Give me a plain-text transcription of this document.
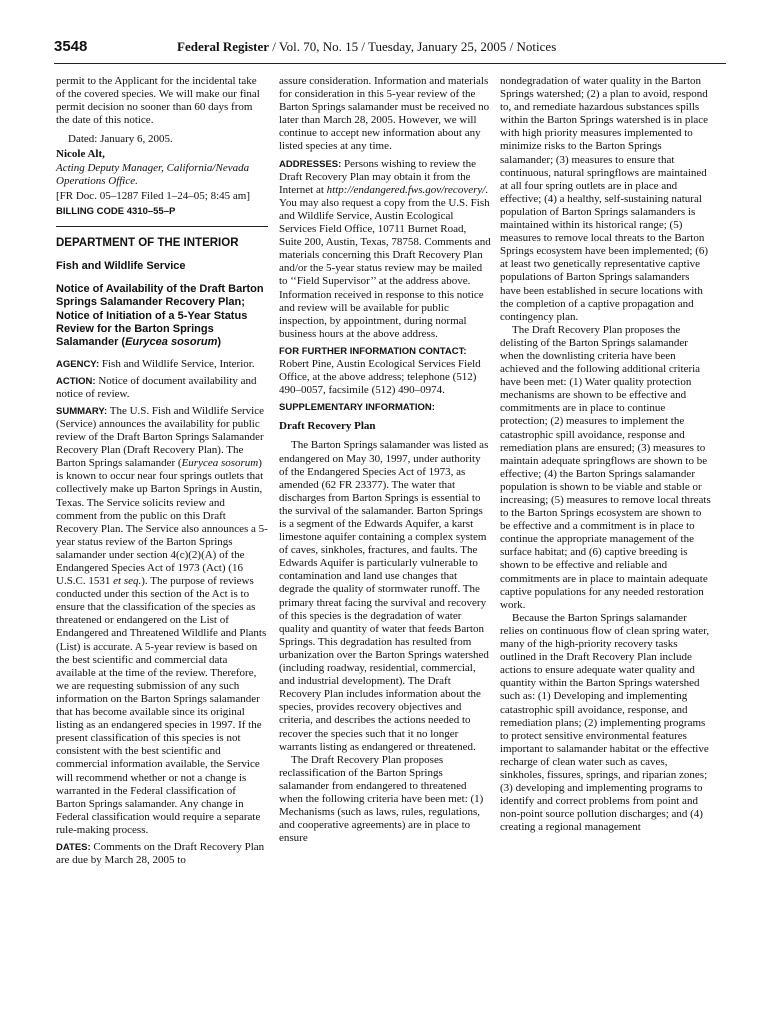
3548	Federal Register / Vol. 70, No. 15 / Tuesday, January 25, 2005 / Notices

permit to the Applicant for the incidental take of the covered species. We will make our final permit decision no sooner than 60 days from the date of this notice.

Dated: January 6, 2005.
Nicole Alt,
Acting Deputy Manager, California/Nevada Operations Office.
[FR Doc. 05–1287 Filed 1–24–05; 8:45 am]
BILLING CODE 4310–55–P
DEPARTMENT OF THE INTERIOR
Fish and Wildlife Service
Notice of Availability of the Draft Barton Springs Salamander Recovery Plan; Notice of Initiation of a 5-Year Status Review for the Barton Springs Salamander (Eurycea sosorum)

AGENCY: Fish and Wildlife Service, Interior.

ACTION: Notice of document availability and notice of review.

SUMMARY: The U.S. Fish and Wildlife Service (Service) announces the availability for public review of the Draft Barton Springs Salamander Recovery Plan (Draft Recovery Plan). The Barton Springs salamander (Eurycea sosorum) is known to occur near four springs outlets that collectively make up Barton Springs in Austin, Texas. The Service solicits review and comment from the public on this Draft Recovery Plan. The Service also announces a 5-year status review of the Barton Springs salamander under section 4(c)(2)(A) of the Endangered Species Act of 1973 (Act) (16 U.S.C. 1531 et seq.). The purpose of reviews conducted under this section of the Act is to ensure that the classification of the species as threatened or endangered on the List of Endangered and Threatened Wildlife and Plants (List) is accurate. A 5-year review is based on the best scientific and commercial data available at the time of the review. Therefore, we are requesting submission of any such information on the Barton Springs salamander that has become available since its original listing as an endangered species in 1997. If the present classification of this species is not consistent with the best scientific and commercial information available, the Service will recommend whether or not a change is warranted in the Federal classification of Barton Springs salamander. Any change in Federal classification would require a separate rule-making process.

DATES: Comments on the Draft Recovery Plan are due by March 28, 2005 to

assure consideration. Information and materials for consideration in this 5-year review of the Barton Springs salamander must be received no later than March 28, 2005. However, we will continue to accept new information about any listed species at any time.

ADDRESSES: Persons wishing to review the Draft Recovery Plan may obtain it from the Internet at http://endangered.fws.gov/recovery/. You may also request a copy from the U.S. Fish and Wildlife Service, Austin Ecological Services Field Office, 10711 Burnet Road, Suite 200, Austin, Texas, 78758. Comments and materials concerning this Draft Recovery Plan and/or the 5-year status review may be mailed to ‘‘Field Supervisor’’ at the address above. Information received in response to this notice and review will be available for public inspection, by appointment, during normal business hours at the above address.

FOR FURTHER INFORMATION CONTACT: Robert Pine, Austin Ecological Services Field Office, at the above address; telephone (512) 490–0057, facsimile (512) 490–0974.

SUPPLEMENTARY INFORMATION:
Draft Recovery Plan

The Barton Springs salamander was listed as endangered on May 30, 1997, under authority of the Endangered Species Act of 1973, as amended (62 FR 23377). The water that discharges from Barton Springs is essential to the survival of the salamander. Barton Springs is a segment of the Edwards Aquifer, a karst limestone aquifer containing a complex system of caves, sinkholes, fractures, and faults. The Edwards Aquifer is particularly vulnerable to contamination and land use changes that degrade the quality of stormwater runoff. The primary threat facing the survival and recovery of this species is the degradation of water quality and quantity of water that feeds Barton Springs. This degradation has resulted from urbanization over the Barton Springs watershed (including roadway, residential, commercial, and industrial development). The Draft Recovery Plan includes information about the species, provides recovery objectives and criteria, and describes the actions needed to recover the species such that it no longer warrants listing as endangered or threatened.

The Draft Recovery Plan proposes reclassification of the Barton Springs salamander from endangered to threatened when the following criteria have been met: (1) Mechanisms (such as laws, rules, regulations, and cooperative agreements) are in place to ensure

nondegradation of water quality in the Barton Springs watershed; (2) a plan to avoid, respond to, and remediate hazardous substances spills within the Barton Springs watershed is in place with high priority measures implemented to minimize risks to the Barton Springs salamander; (3) measures to ensure that continuous, natural springflows are maintained at all four spring outlets are in place and effective; (4) a healthy, self-sustaining natural population of Barton Springs salamanders is maintained within its historical range; (5) measures to remove local threats to the Barton Springs ecosystem have been implemented; (6) at least two genetically representative captive populations of Barton Springs salamanders have been established in secure locations with the completion of a captive propagation and contingency plan.

The Draft Recovery Plan proposes the delisting of the Barton Springs salamander when the downlisting criteria have been achieved and the following additional criteria have been met: (1) Water quality protection mechanisms are shown to be effective and commitments are in place to continue protection; (2) measures to implement the catastrophic spill avoidance, response and remediation plans are ensured; (3) measures to maintain adequate springflows are shown to be effective; (4) the Barton Springs salamander population is shown to be viable and stable or increasing; (5) measures to remove local threats to the Barton Springs ecosystem are shown to be effective and a commitment is in place to continue the appropriate management of the surface habitat; and (6) captive breeding is shown to be effective and reliable and commitments are in place to maintain adequate captive populations for any needed restoration work.

Because the Barton Springs salamander relies on continuous flow of clean spring water, many of the high-priority recovery tasks outlined in the Draft Recovery Plan include actions to ensure adequate water quality and quantity within the Barton Springs watershed such as: (1) Developing and implementing catastrophic spill avoidance, response, and remediation plans; (2) implementing programs to protect sensitive environmental features important to salamander habitat or the effective recharge of clean water such as caves, sinkholes, fissures, springs, and riparian zones; (3) developing and implementing programs to identify and correct problems from point and non-point source pollution discharges; and (4) creating a regional management
